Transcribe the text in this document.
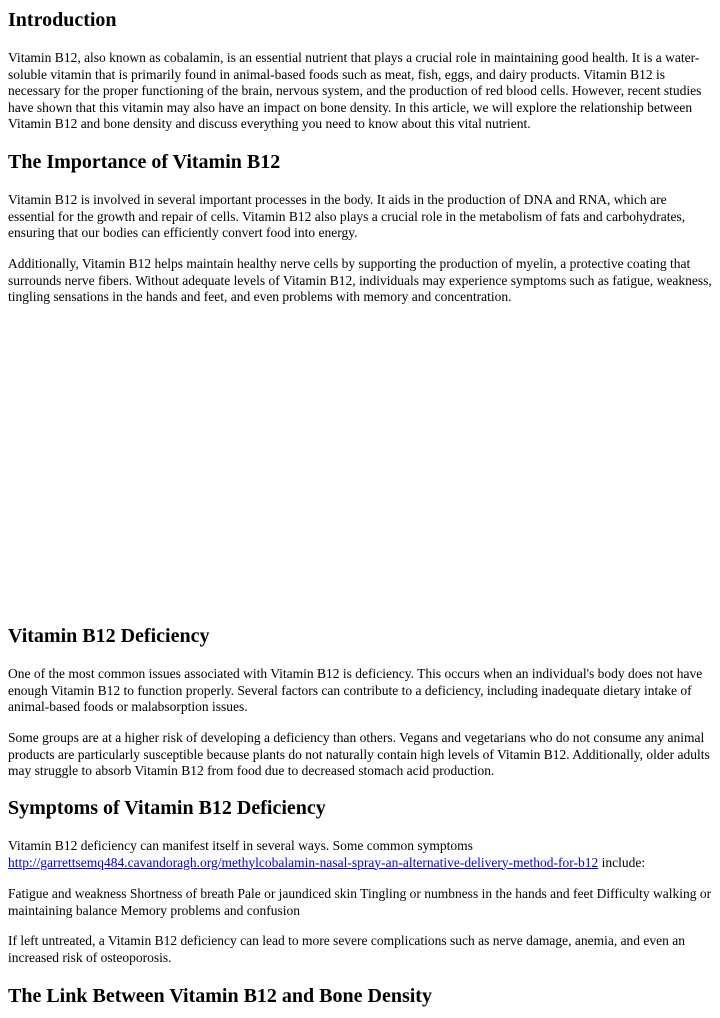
Introduction

Vitamin B12, also known as cobalamin, is an essential nutrient that plays a crucial role in maintaining good health. It is a water-soluble vitamin that is primarily found in animal-based foods such as meat, fish, eggs, and dairy products. Vitamin B12 is necessary for the proper functioning of the brain, nervous system, and the production of red blood cells. However, recent studies have shown that this vitamin may also have an impact on bone density. In this article, we will explore the relationship between Vitamin B12 and bone density and discuss everything you need to know about this vital nutrient.

The Importance of Vitamin B12

Vitamin B12 is involved in several important processes in the body. It aids in the production of DNA and RNA, which are essential for the growth and repair of cells. Vitamin B12 also plays a crucial role in the metabolism of fats and carbohydrates, ensuring that our bodies can efficiently convert food into energy.

Additionally, Vitamin B12 helps maintain healthy nerve cells by supporting the production of myelin, a protective coating that surrounds nerve fibers. Without adequate levels of Vitamin B12, individuals may experience symptoms such as fatigue, weakness, tingling sensations in the hands and feet, and even problems with memory and concentration.

Vitamin B12 Deficiency

One of the most common issues associated with Vitamin B12 is deficiency. This occurs when an individual's body does not have enough Vitamin B12 to function properly. Several factors can contribute to a deficiency, including inadequate dietary intake of animal-based foods or malabsorption issues.

Some groups are at a higher risk of developing a deficiency than others. Vegans and vegetarians who do not consume any animal products are particularly susceptible because plants do not naturally contain high levels of Vitamin B12. Additionally, older adults may struggle to absorb Vitamin B12 from food due to decreased stomach acid production.

Symptoms of Vitamin B12 Deficiency

Vitamin B12 deficiency can manifest itself in several ways. Some common symptoms http://garrettsemq484.cavandoragh.org/methylcobalamin-nasal-spray-an-alternative-delivery-method-for-b12 include:

Fatigue and weakness Shortness of breath Pale or jaundiced skin Tingling or numbness in the hands and feet Difficulty walking or maintaining balance Memory problems and confusion

If left untreated, a Vitamin B12 deficiency can lead to more severe complications such as nerve damage, anemia, and even an increased risk of osteoporosis.

The Link Between Vitamin B12 and Bone Density
